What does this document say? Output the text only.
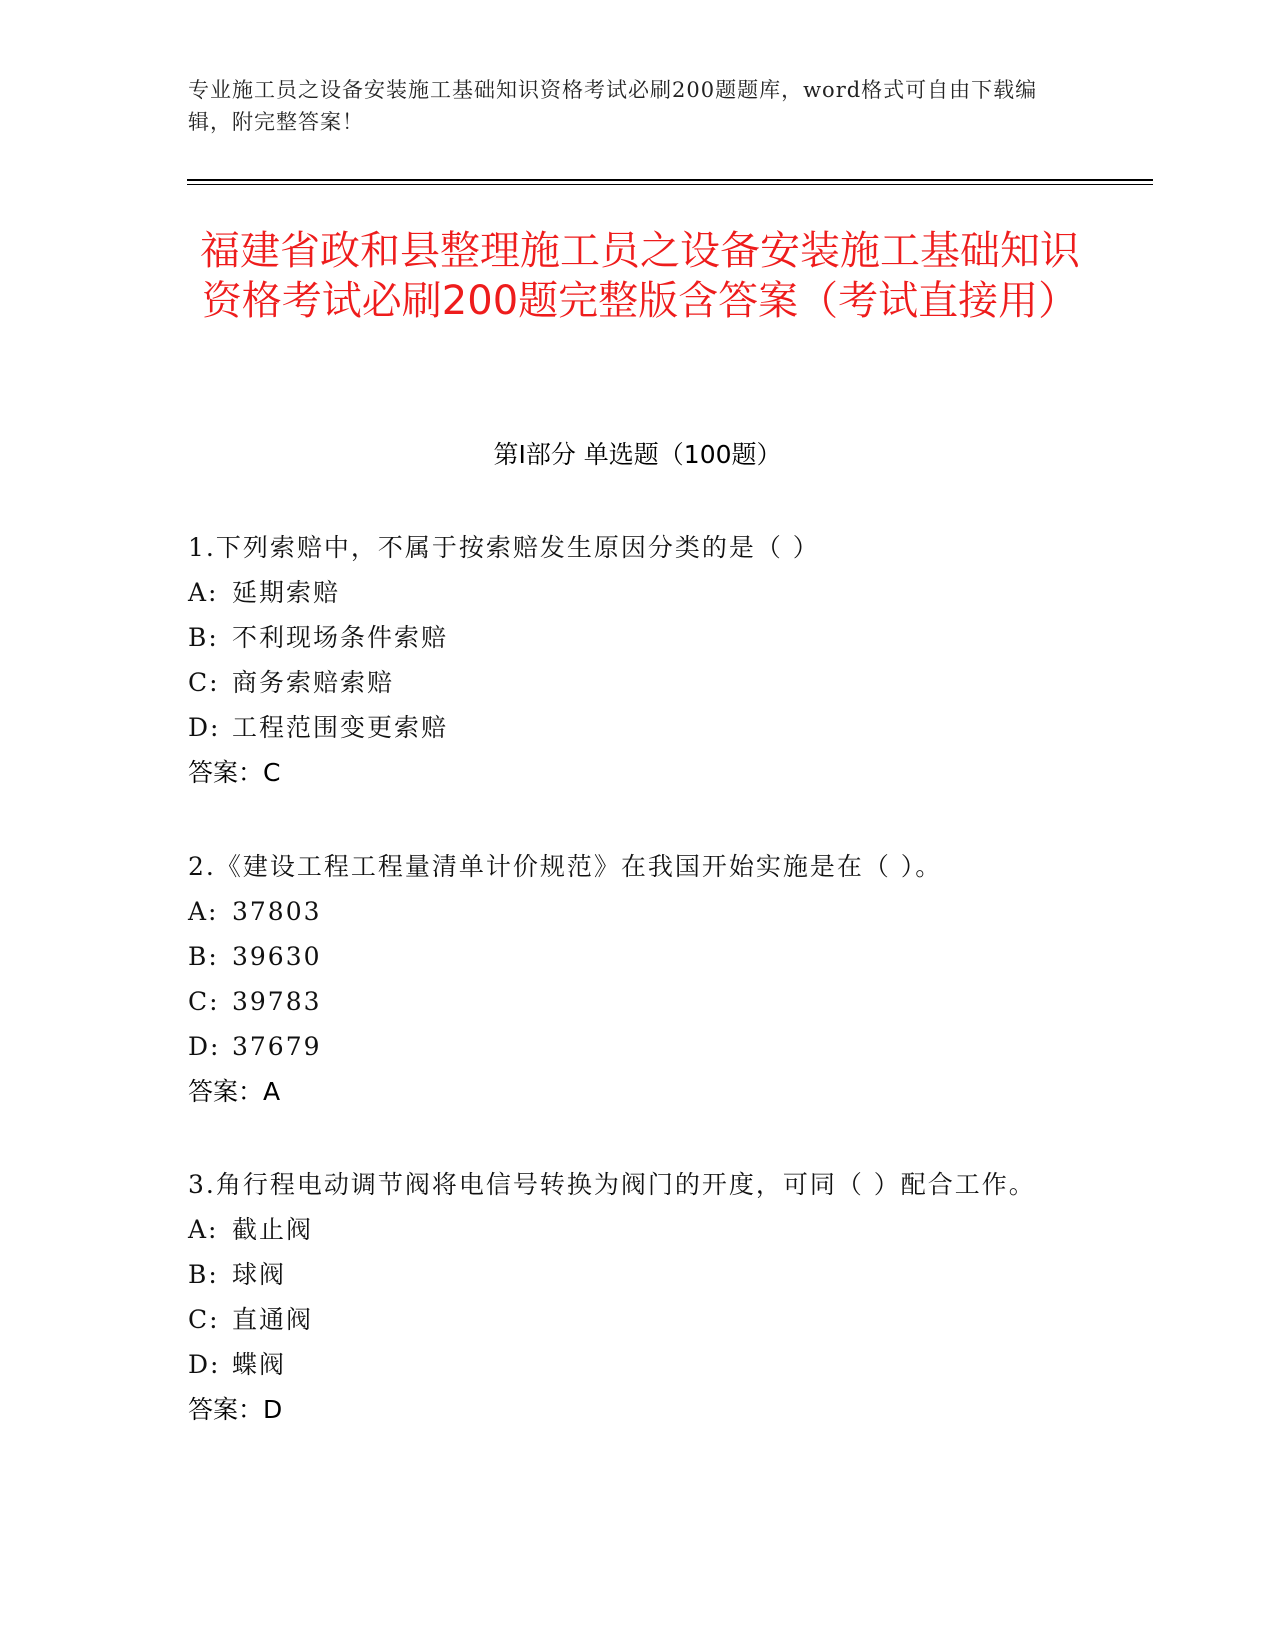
专业施工员之设备安装施工基础知识资格考试必刷200题题库，word格式可自由下载编辑，附完整答案！
福建省政和县整理施工员之设备安装施工基础知识资格考试必刷200题完整版含答案（考试直接用）
第Ⅰ部分 单选题（100题）
1.下列索赔中，不属于按索赔发生原因分类的是（ ）
A: 延期索赔
B: 不利现场条件索赔
C: 商务索赔索赔
D: 工程范围变更索赔
答案：C
2.《建设工程工程量清单计价规范》在我国开始实施是在（ ）。
A: 37803
B: 39630
C: 39783
D: 37679
答案：A
3.角行程电动调节阀将电信号转换为阀门的开度，可同（ ）配合工作。
A: 截止阀
B: 球阀
C: 直通阀
D: 蝶阀
答案：D
